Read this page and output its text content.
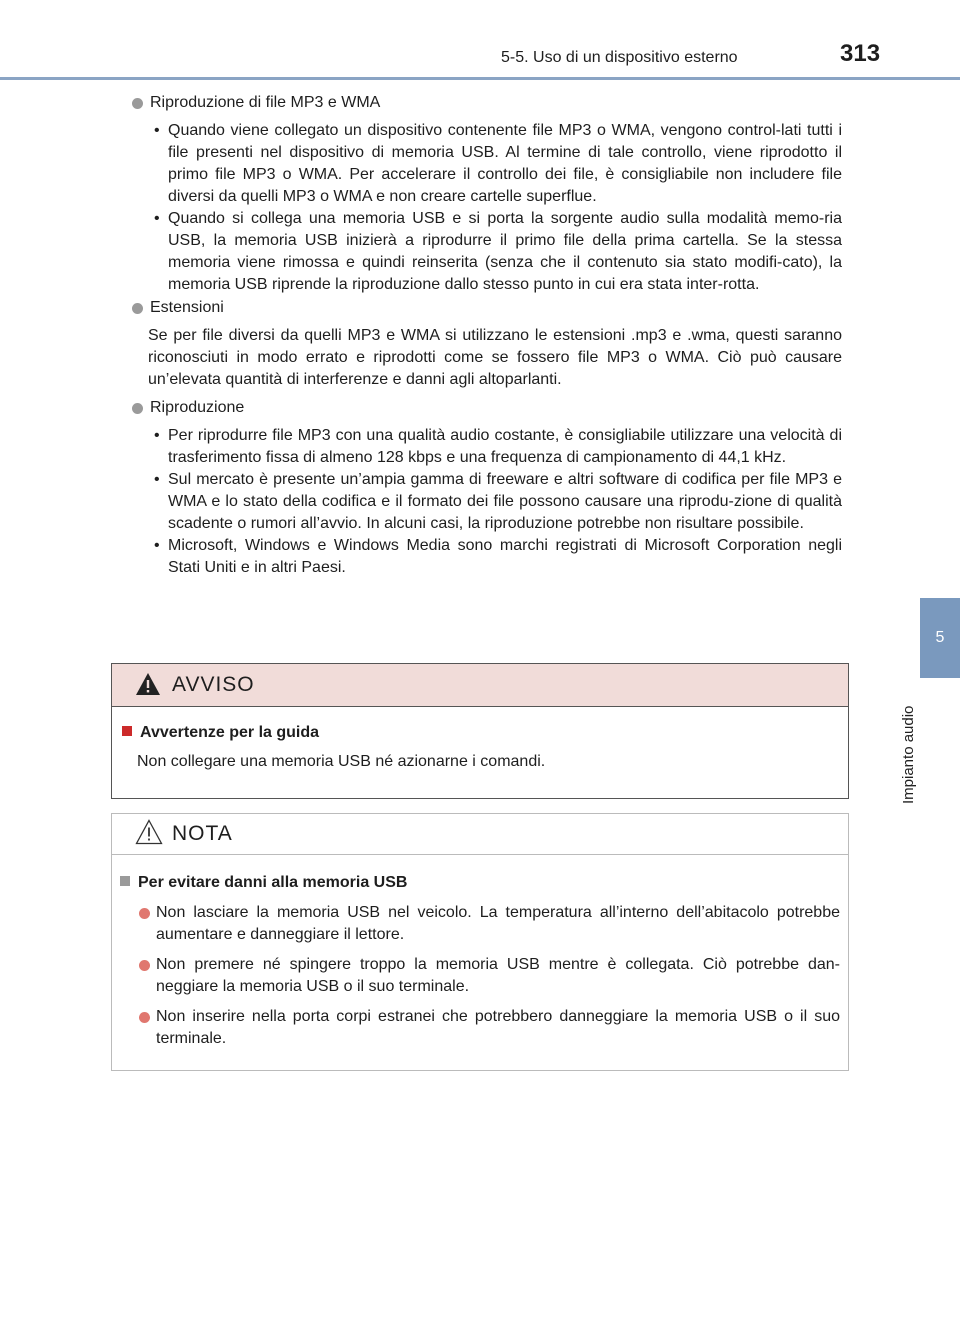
5-5. Uso di un dispositivo esterno	313
5
Impianto audio

Riproduzione di file MP3 e WMA

• Quando viene collegato un dispositivo contenente file MP3 o WMA, vengono control-lati tutti i file presenti nel dispositivo di memoria USB. Al termine di tale controllo, viene riprodotto il primo file MP3 o WMA. Per accelerare il controllo dei file, è consigliabile non includere file diversi da quelli MP3 o WMA e non creare cartelle superflue.

• Quando si collega una memoria USB e si porta la sorgente audio sulla modalità memo-ria USB, la memoria USB inizierà a riprodurre il primo file della prima cartella. Se la stessa memoria viene rimossa e quindi reinserita (senza che il contenuto sia stato modifi-cato), la memoria USB riprende la riproduzione dallo stesso punto in cui era stata inter-rotta.

Estensioni

Se per file diversi da quelli MP3 e WMA si utilizzano le estensioni .mp3 e .wma, questi saranno riconosciuti in modo errato e riprodotti come se fossero file MP3 o WMA. Ciò può causare un’elevata quantità di interferenze e danni agli altoparlanti.

Riproduzione

• Per riprodurre file MP3 con una qualità audio costante, è consigliabile utilizzare una velocità di trasferimento fissa di almeno 128 kbps e una frequenza di campionamento di 44,1 kHz.

• Sul mercato è presente un’ampia gamma di freeware e altri software di codifica per file MP3 e WMA e lo stato della codifica e il formato dei file possono causare una riprodu-zione di qualità scadente o rumori all’avvio. In alcuni casi, la riproduzione potrebbe non risultare possibile.

• Microsoft, Windows e Windows Media sono marchi registrati di Microsoft Corporation negli Stati Uniti e in altri Paesi.

AVVISO
Avvertenze per la guida
Non collegare una memoria USB né azionarne i comandi.
NOTA
Per evitare danni alla memoria USB
Non lasciare la memoria USB nel veicolo. La temperatura all’interno dell’abitacolo potrebbe aumentare e danneggiare il lettore.
Non premere né spingere troppo la memoria USB mentre è collegata. Ciò potrebbe dan-neggiare la memoria USB o il suo terminale.
Non inserire nella porta corpi estranei che potrebbero danneggiare la memoria USB o il suo terminale.
